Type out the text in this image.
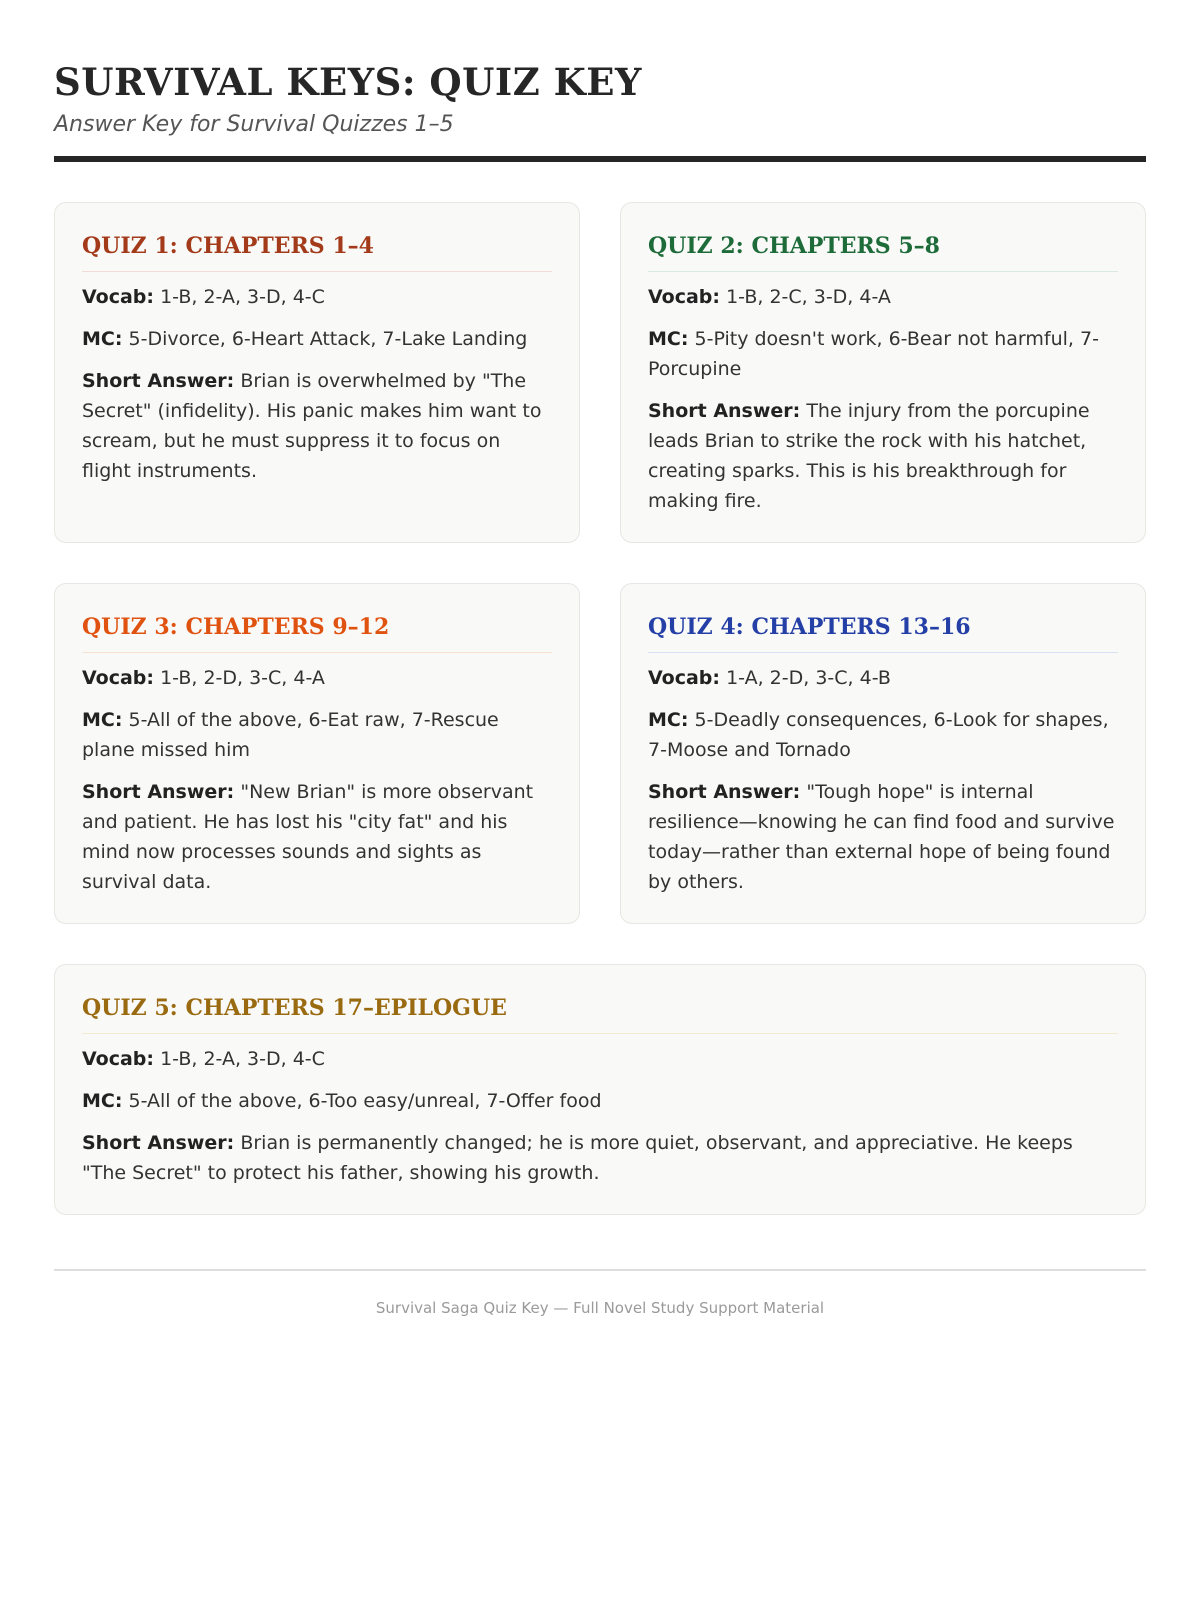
SURVIVAL KEYS: QUIZ KEY
Answer Key for Survival Quizzes 1–5
QUIZ 1: CHAPTERS 1–4

Vocab: 1-B, 2-A, 3-D, 4-C

MC: 5-Divorce, 6-Heart Attack, 7-Lake Landing

Short Answer: Brian is overwhelmed by "The Secret" (infidelity). His panic makes him want to scream, but he must suppress it to focus on flight instruments.

QUIZ 2: CHAPTERS 5–8

Vocab: 1-B, 2-C, 3-D, 4-A

MC: 5-Pity doesn't work, 6-Bear not harmful, 7-Porcupine

Short Answer: The injury from the porcupine leads Brian to strike the rock with his hatchet, creating sparks. This is his breakthrough for making fire.

QUIZ 3: CHAPTERS 9–12

Vocab: 1-B, 2-D, 3-C, 4-A

MC: 5-All of the above, 6-Eat raw, 7-Rescue plane missed him

Short Answer: "New Brian" is more observant and patient. He has lost his "city fat" and his mind now processes sounds and sights as survival data.

QUIZ 4: CHAPTERS 13–16

Vocab: 1-A, 2-D, 3-C, 4-B

MC: 5-Deadly consequences, 6-Look for shapes, 7-Moose and Tornado

Short Answer: "Tough hope" is internal resilience—knowing he can find food and survive today—rather than external hope of being found by others.

QUIZ 5: CHAPTERS 17–EPILOGUE

Vocab: 1-B, 2-A, 3-D, 4-C

MC: 5-All of the above, 6-Too easy/unreal, 7-Offer food

Short Answer: Brian is permanently changed; he is more quiet, observant, and appreciative. He keeps "The Secret" to protect his father, showing his growth.

Survival Saga Quiz Key — Full Novel Study Support Material
